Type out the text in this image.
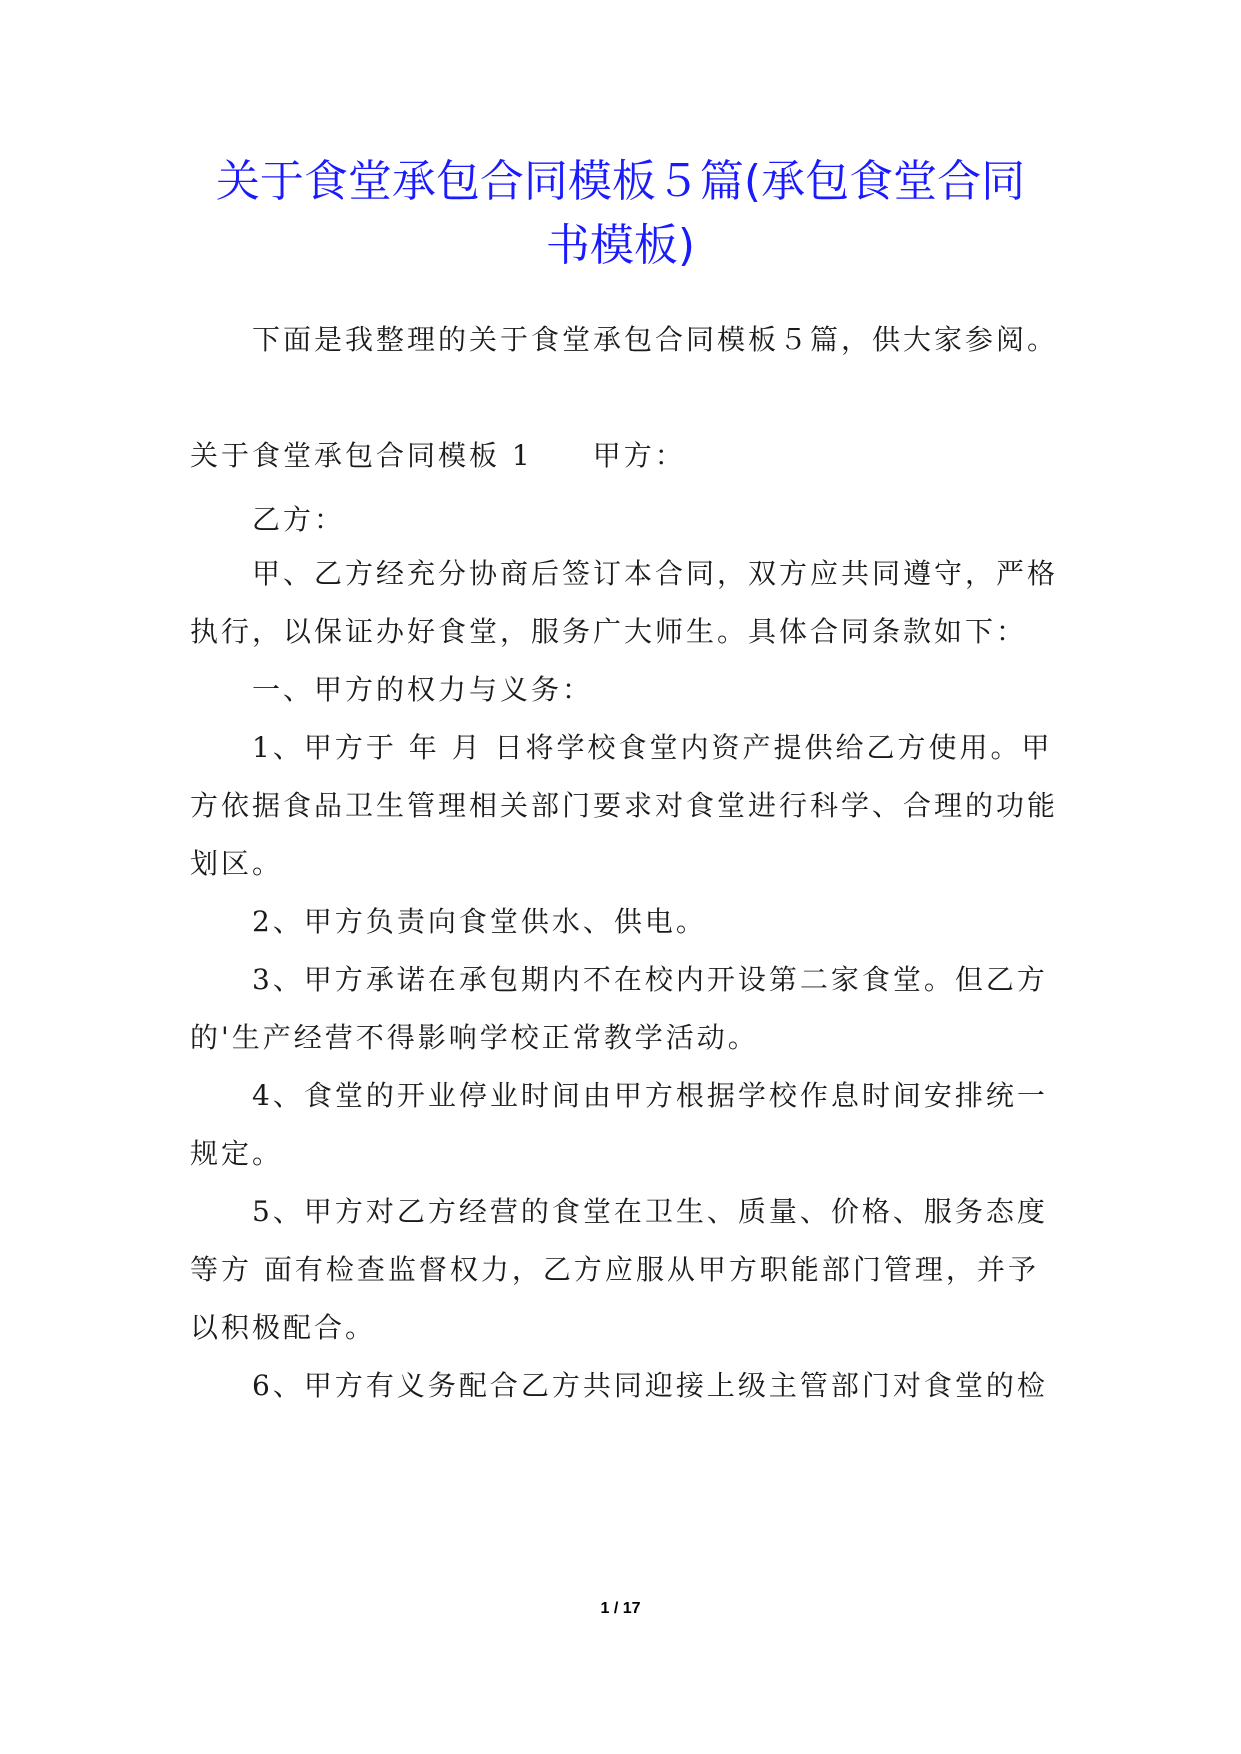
关于食堂承包合同模板５篇(承包食堂合同
书模板)
下面是我整理的关于食堂承包合同模板５篇，供大家参阅。
关于食堂承包合同模板 1 甲方：
乙方：
甲、乙方经充分协商后签订本合同，双方应共同遵守，严格
执行，以保证办好食堂，服务广大师生。具体合同条款如下：
一、甲方的权力与义务：
1、甲方于 年 月 日将学校食堂内资产提供给乙方使用。甲
方依据食品卫生管理相关部门要求对食堂进行科学、合理的功能
划区。
2、甲方负责向食堂供水、供电。
3、甲方承诺在承包期内不在校内开设第二家食堂。但乙方
的'生产经营不得影响学校正常教学活动。
4、食堂的开业停业时间由甲方根据学校作息时间安排统一
规定。
5、甲方对乙方经营的食堂在卫生、质量、价格、服务态度
等方 面有检查监督权力，乙方应服从甲方职能部门管理，并予
以积极配合。
6、甲方有义务配合乙方共同迎接上级主管部门对食堂的检
1 / 17
